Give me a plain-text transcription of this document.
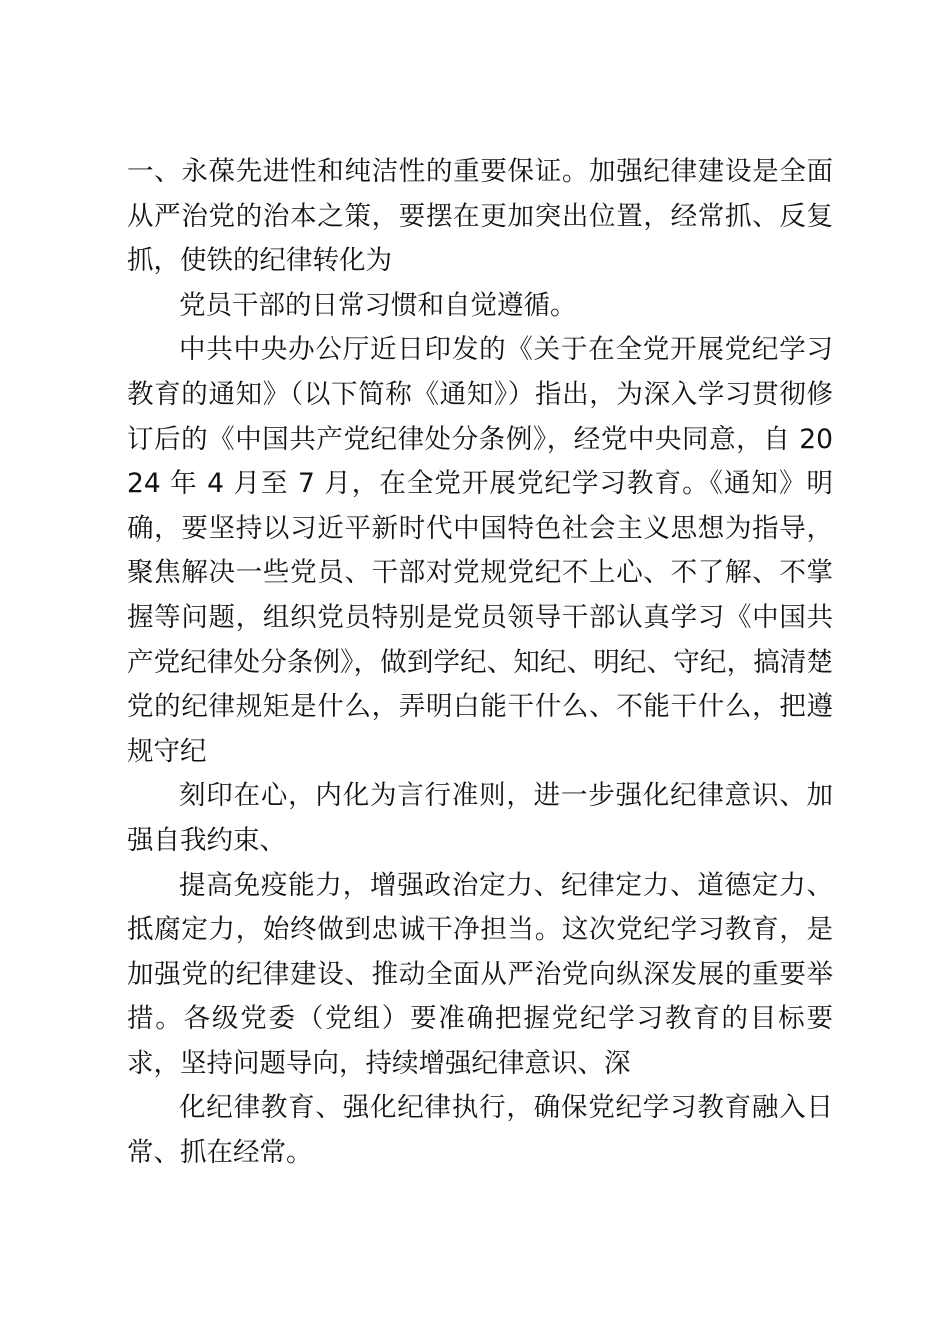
一、永葆先进性和纯洁性的重要保证。加强纪律建设是全面从严治党的治本之策，要摆在更加突出位置，经常抓、反复抓，使铁的纪律转化为

党员干部的日常习惯和自觉遵循。

中共中央办公厅近日印发的《关于在全党开展党纪学习教育的通知》（以下简称《通知》）指出，为深入学习贯彻修订后的《中国共产党纪律处分条例》，经党中央同意，自 2024 年 4 月至 7 月，在全党开展党纪学习教育。《通知》明确，要坚持以习近平新时代中国特色社会主义思想为指导，聚焦解决一些党员、干部对党规党纪不上心、不了解、不掌握等问题，组织党员特别是党员领导干部认真学习《中国共产党纪律处分条例》，做到学纪、知纪、明纪、守纪，搞清楚党的纪律规矩是什么，弄明白能干什么、不能干什么，把遵规守纪

刻印在心，内化为言行准则，进一步强化纪律意识、加强自我约束、

提高免疫能力，增强政治定力、纪律定力、道德定力、抵腐定力，始终做到忠诚干净担当。这次党纪学习教育，是加强党的纪律建设、推动全面从严治党向纵深发展的重要举措。各级党委（党组）要准确把握党纪学习教育的目标要求，坚持问题导向，持续增强纪律意识、深

化纪律教育、强化纪律执行，确保党纪学习教育融入日常、抓在经常。
